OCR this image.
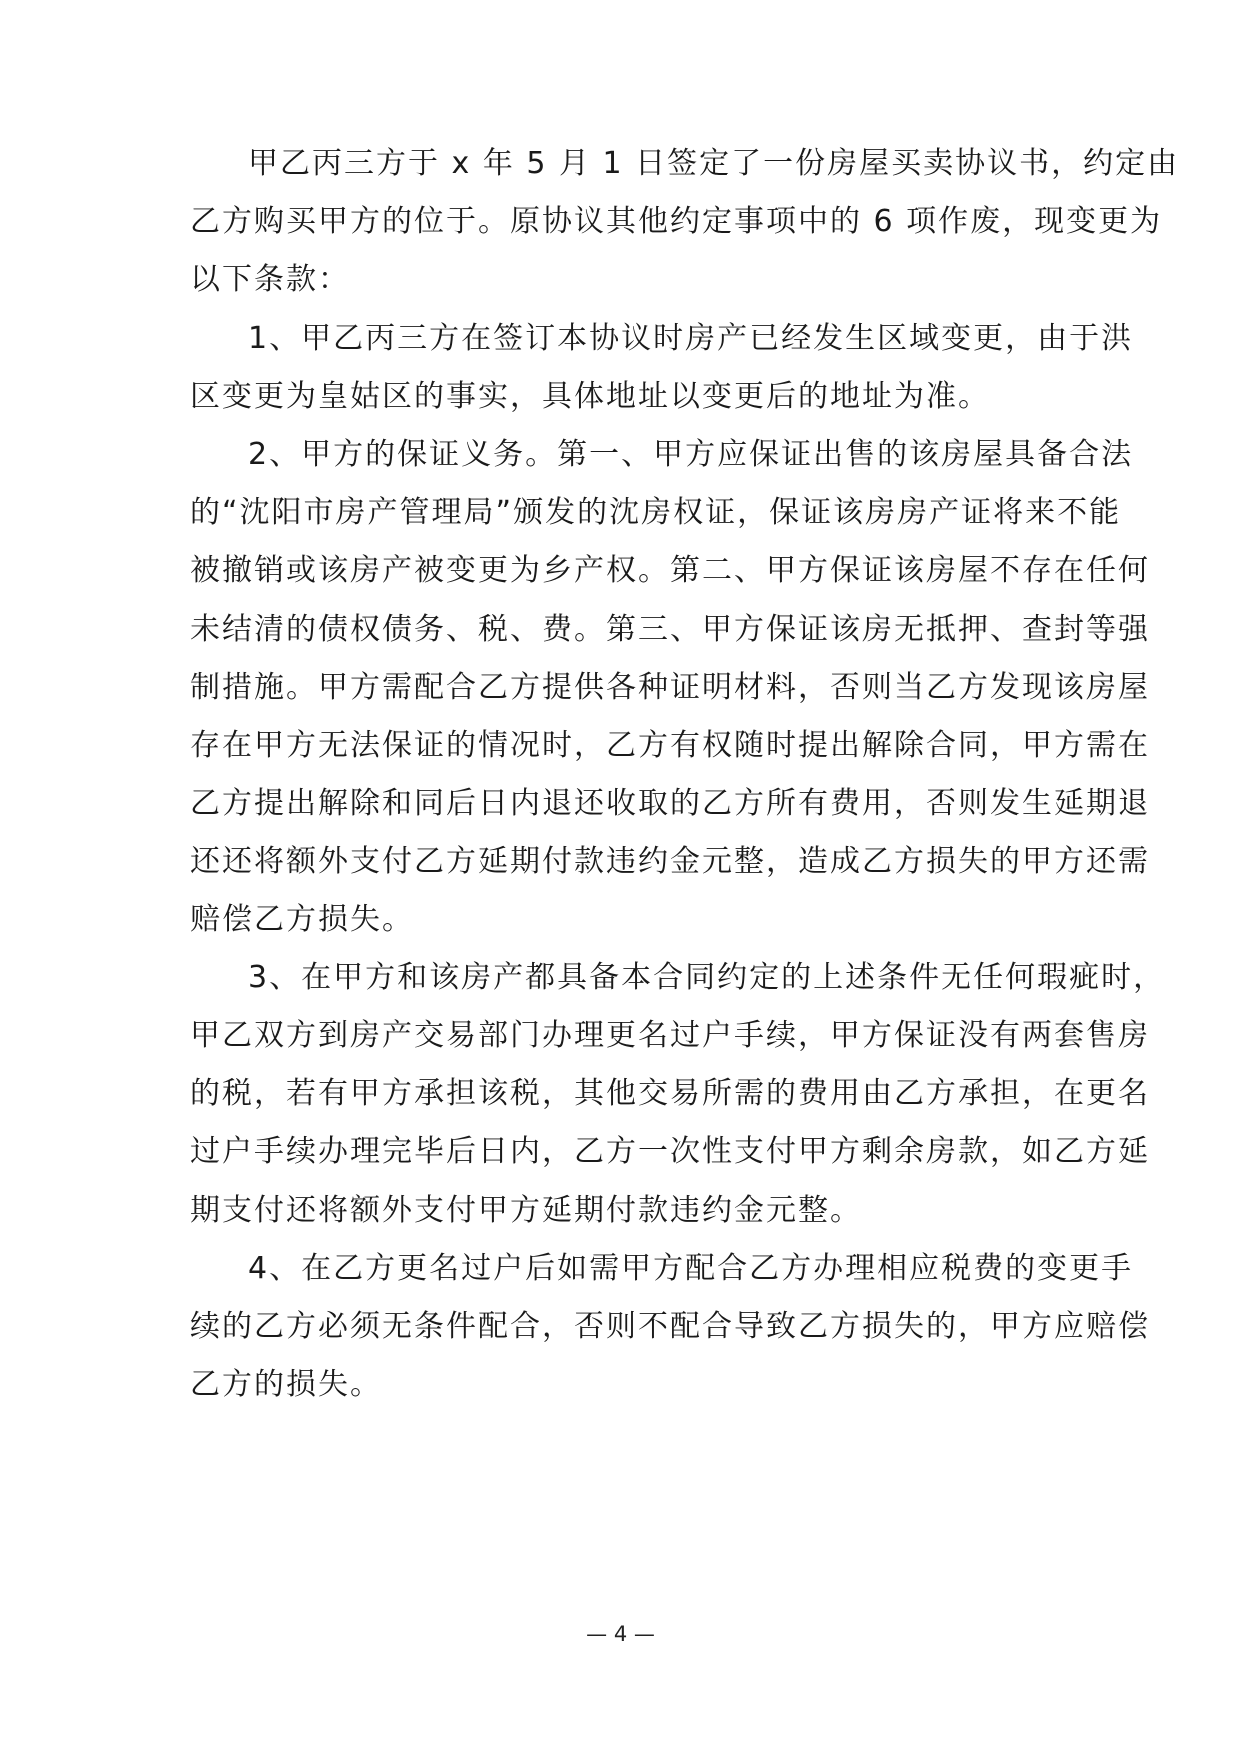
甲乙丙三方于 x 年 5 月 1 日签定了一份房屋买卖协议书，约定由
乙方购买甲方的位于。原协议其他约定事项中的 6 项作废，现变更为
以下条款：
1、甲乙丙三方在签订本协议时房产已经发生区域变更，由于洪
区变更为皇姑区的事实，具体地址以变更后的地址为准。
2、甲方的保证义务。第一、甲方应保证出售的该房屋具备合法
的“沈阳市房产管理局”颁发的沈房权证，保证该房房产证将来不能
被撤销或该房产被变更为乡产权。第二、甲方保证该房屋不存在任何
未结清的债权债务、税、费。第三、甲方保证该房无抵押、查封等强
制措施。甲方需配合乙方提供各种证明材料，否则当乙方发现该房屋
存在甲方无法保证的情况时，乙方有权随时提出解除合同，甲方需在
乙方提出解除和同后日内退还收取的乙方所有费用，否则发生延期退
还还将额外支付乙方延期付款违约金元整，造成乙方损失的甲方还需
赔偿乙方损失。
3、在甲方和该房产都具备本合同约定的上述条件无任何瑕疵时，
甲乙双方到房产交易部门办理更名过户手续，甲方保证没有两套售房
的税，若有甲方承担该税，其他交易所需的费用由乙方承担，在更名
过户手续办理完毕后日内，乙方一次性支付甲方剩余房款，如乙方延
期支付还将额外支付甲方延期付款违约金元整。
4、在乙方更名过户后如需甲方配合乙方办理相应税费的变更手
续的乙方必须无条件配合，否则不配合导致乙方损失的，甲方应赔偿
乙方的损失。
— 4 —
